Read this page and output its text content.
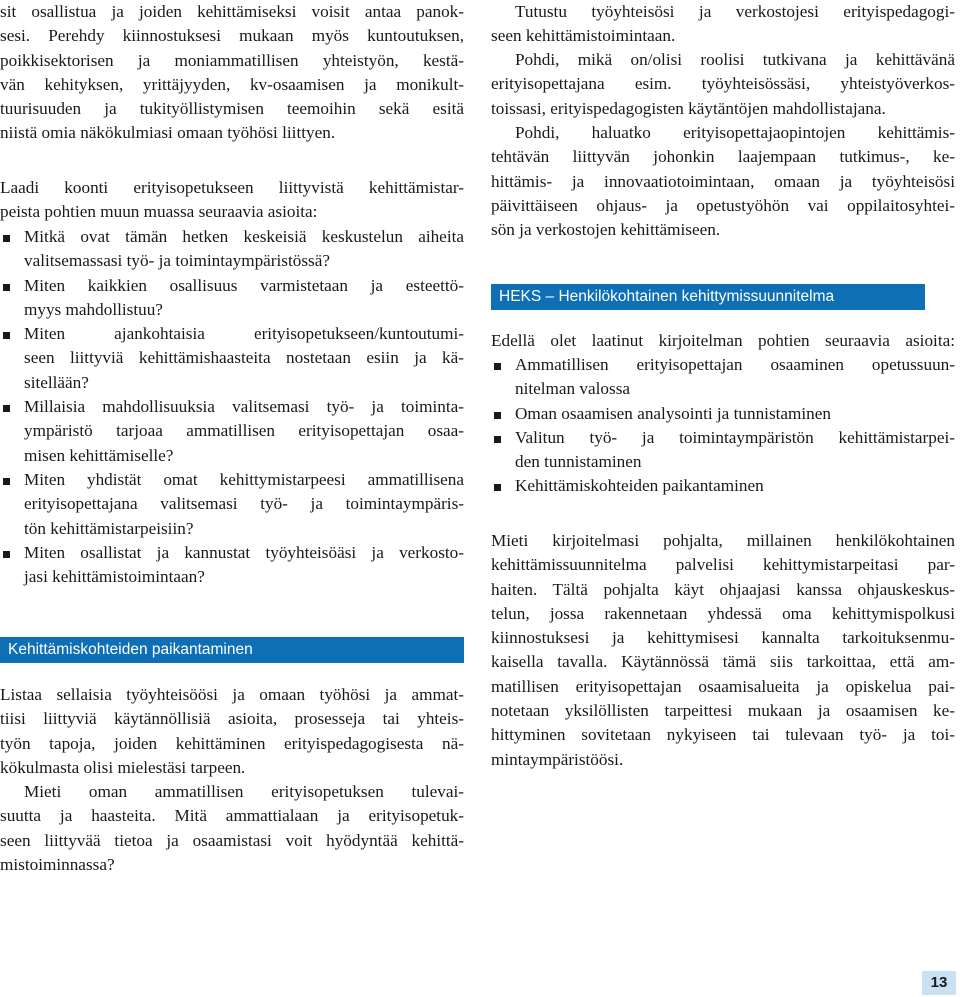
sit osallistua ja joiden kehittämiseksi voisit antaa panok-
sesi. Perehdy kiinnostuksesi mukaan myös kuntoutuksen,
poikkisektorisen ja moniammatillisen yhteistyön, kestä-
vän kehityksen, yrittäjyyden, kv-osaamisen ja monikult-
tuurisuuden ja tukityöllistymisen teemoihin sekä esitä
niistä omia näkökulmiasi omaan työhösi liittyen.
Laadi koonti erityisopetukseen liittyvistä kehittämistar-
peista pohtien muun muassa seuraavia asioita:
Mitkä ovat tämän hetken keskeisiä keskustelun aiheita
valitsemassasi työ- ja toimintaympäristössä?
Miten kaikkien osallisuus varmistetaan ja esteettö-
myys mahdollistuu?
Miten ajankohtaisia erityisopetukseen/kuntoutumi-
seen liittyviä kehittämishaasteita nostetaan esiin ja kä-
sitellään?
Millaisia mahdollisuuksia valitsemasi työ- ja toiminta-
ympäristö tarjoaa ammatillisen erityisopettajan osaa-
misen kehittämiselle?
Miten yhdistät omat kehittymistarpeesi ammatillisena
erityisopettajana valitsemasi työ- ja toimintaympäris-
tön kehittämistarpeisiin?
Miten osallistat ja kannustat työyhteisöäsi ja verkosto-
jasi kehittämistoimintaan?
Kehittämiskohteiden paikantaminen
Listaa sellaisia työyhteisöösi ja omaan työhösi ja ammat-
tiisi liittyviä käytännöllisiä asioita, prosesseja tai yhteis-
työn tapoja, joiden kehittäminen erityispedagogisesta nä-
kökulmasta olisi mielestäsi tarpeen.
Mieti oman ammatillisen erityisopetuksen tulevai-
suutta ja haasteita. Mitä ammattialaan ja erityisopetuk-
seen liittyvää tietoa ja osaamistasi voit hyödyntää kehittä-
mistoiminnassa?
Tutustu työyhteisösi ja verkostojesi erityispedagogi-
seen kehittämistoimintaan.
Pohdi, mikä on/olisi roolisi tutkivana ja kehittävänä
erityisopettajana esim. työyhteisössäsi, yhteistyöverkos-
toissasi, erityispedagogisten käytäntöjen mahdollistajana.
Pohdi, haluatko erityisopettajaopintojen kehittämis-
tehtävän liittyvän johonkin laajempaan tutkimus-, ke-
hittämis- ja innovaatiotoimintaan, omaan ja työyhteisösi
päivittäiseen ohjaus- ja opetustyöhön vai oppilaitosyhtei-
sön ja verkostojen kehittämiseen.
HEKS – Henkilökohtainen kehittymissuunnitelma
Edellä olet laatinut kirjoitelman pohtien seuraavia asioita:
Ammatillisen erityisopettajan osaaminen opetussuun-
nitelman valossa
Oman osaamisen analysointi ja tunnistaminen
Valitun työ- ja toimintaympäristön kehittämistarpei-
den tunnistaminen
Kehittämiskohteiden paikantaminen
Mieti kirjoitelmasi pohjalta, millainen henkilökohtainen
kehittämissuunnitelma palvelisi kehittymistarpeitasi par-
haiten. Tältä pohjalta käyt ohjaajasi kanssa ohjauskeskus-
telun, jossa rakennetaan yhdessä oma kehittymispolkusi
kiinnostuksesi ja kehittymisesi kannalta tarkoituksenmu-
kaisella tavalla. Käytännössä tämä siis tarkoittaa, että am-
matillisen erityisopettajan osaamisalueita ja opiskelua pai-
notetaan yksilöllisten tarpeittesi mukaan ja osaamisen ke-
hittyminen sovitetaan nykyiseen tai tulevaan työ- ja toi-
mintaympäristöösi.
13
